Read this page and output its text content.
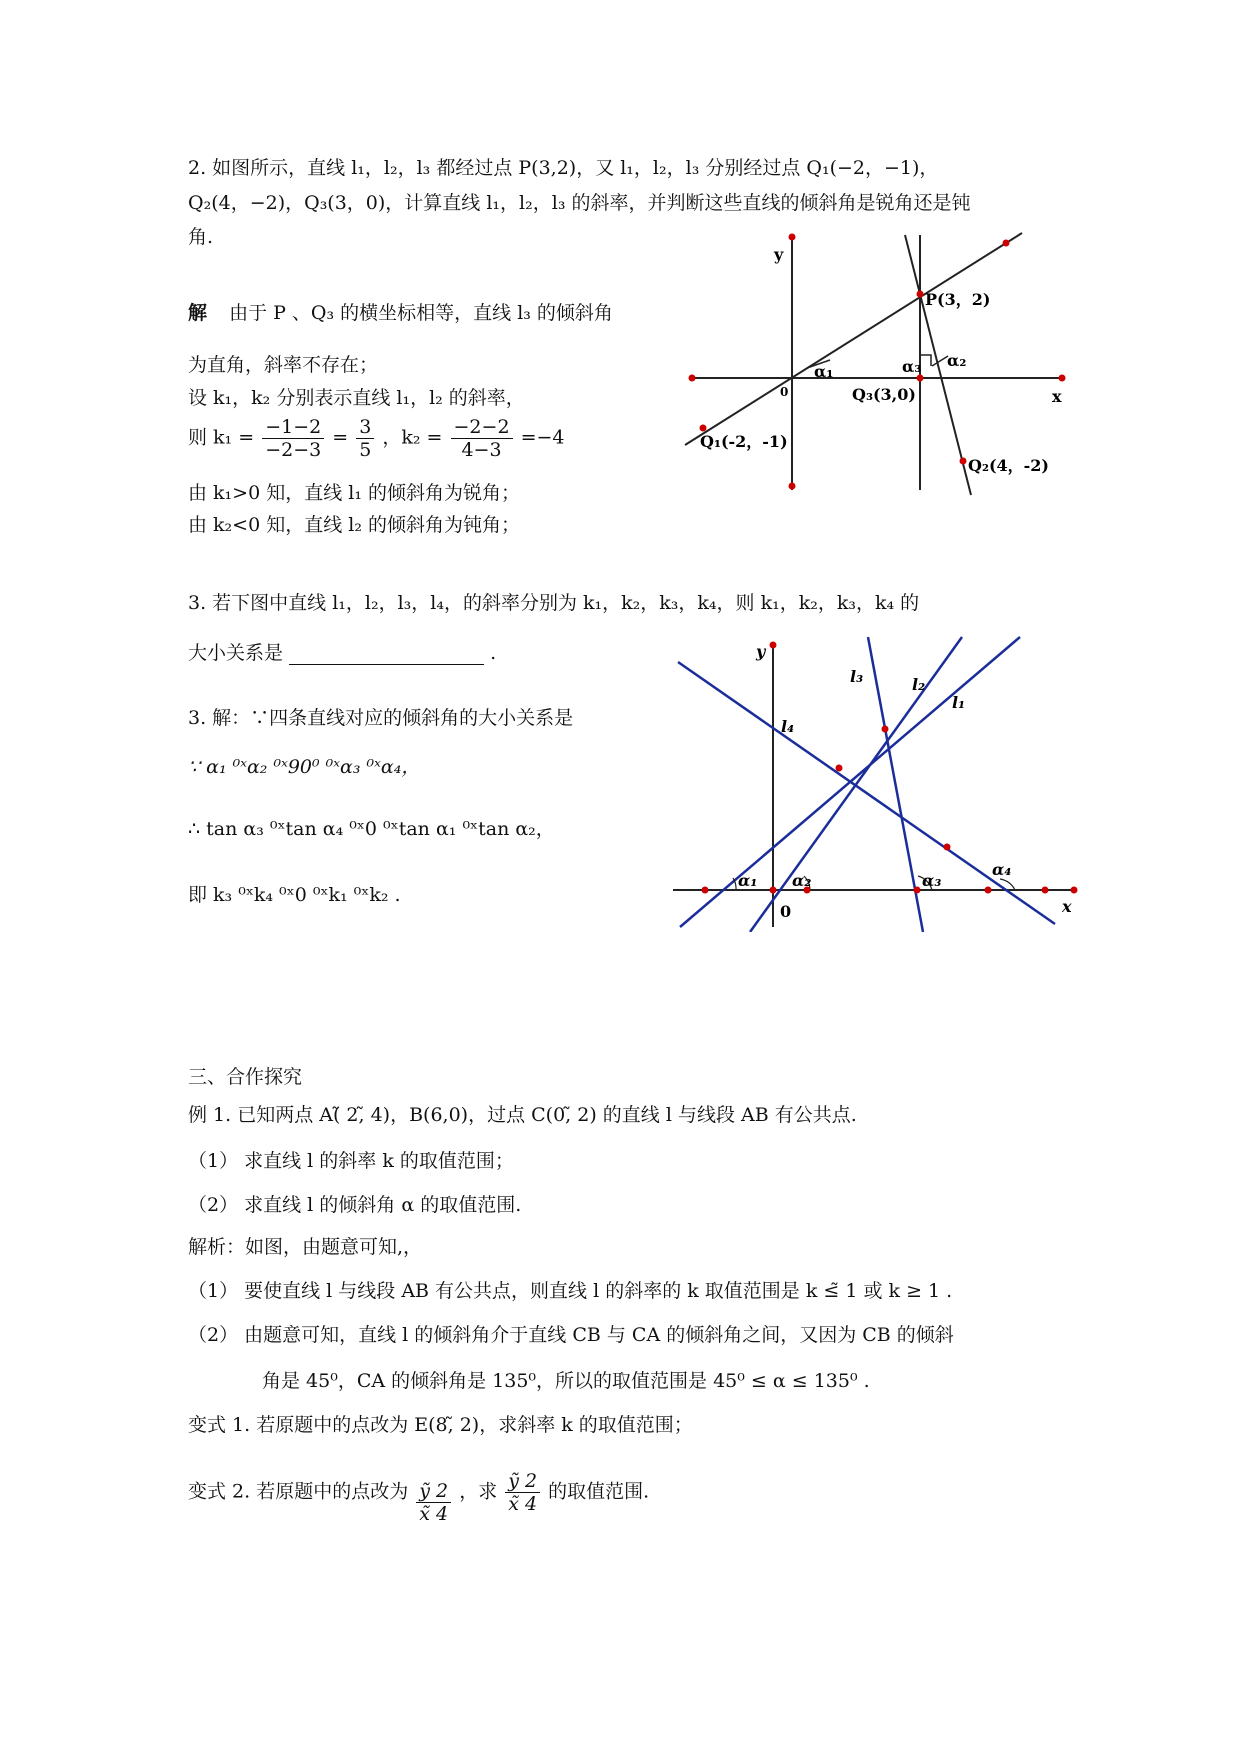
2. 如图所示，直线 l₁，l₂，l₃ 都经过点 P(3,2)，又 l₁，l₂，l₃ 分别经过点 Q₁(−2，−1)，
Q₂(4，−2)，Q₃(3，0)，计算直线 l₁，l₂，l₃ 的斜率，并判断这些直线的倾斜角是锐角还是钝
角.
解 由于 P 、Q₃ 的横坐标相等，直线 l₃ 的倾斜角
为直角，斜率不存在；
设 k₁，k₂ 分别表示直线 l₁，l₂ 的斜率，
则 $k_1 = \frac{-1-2}{-2-3} = \frac{3}{5}$ ，$k_2 = \frac{-2-2}{4-3} =-4$
由 k₁>0 知，直线 l₁ 的倾斜角为锐角；
由 k₂<0 知，直线 l₂ 的倾斜角为钝角；
y
x
0
P(3，2)
Q₁(-2，-1)
Q₂(4，-2)
Q₃(3,0)
α₁
α₂
α₃
3. 若下图中直线 l₁，l₂，l₃，l₄，的斜率分别为 k₁，k₂，k₃，k₄，则 k₁，k₂，k₃，k₄ 的
大小关系是	.
3. 解：∵四条直线对应的倾斜角的大小关系是
∵ α₁ ⁰ˣα₂ ⁰ˣ90⁰ ⁰ˣα₃ ⁰ˣα₄，
∴ tan α₃ ⁰ˣtan α₄ ⁰ˣ0 ⁰ˣtan α₁ ⁰ˣtan α₂，
即 k₃ ⁰ˣk₄ ⁰ˣ0 ⁰ˣk₁ ⁰ˣk₂ .
y
x
0
l₁
l₂
l₃
l₄
α₁ α₂	α₃
α₄
三、合作探究
例 1. 已知两点 A(̃ 2,̃ 4)，B(6,0)，过点 C(0,̃ 2) 的直线 l 与线段 AB 有公共点.
（1） 求直线 l 的斜率 k 的取值范围；
（2） 求直线 l 的倾斜角 α 的取值范围.
解析：如图，由题意可知,，
（1） 要使直线 l 与线段 AB 有公共点，则直线 l 的斜率的 k 取值范围是 k ≤̃ 1 或 k ≥ 1 .
（2） 由题意可知，直线 l 的倾斜角介于直线 CB 与 CA 的倾斜角之间，又因为 CB 的倾斜
角是 45⁰，CA 的倾斜角是 135⁰，所以的取值范围是 45⁰ ≤ α ≤ 135⁰ .
变式 1. 若原题中的点改为 E(8,̃ 2)，求斜率 k 的取值范围；
变式 2. 若原题中的点改为 $\frac{\text{ỹ 2}}{x̃ 4}$ ，求 $\frac{\text{ỹ 2}}{x̃ 4}$ 的取值范围.
